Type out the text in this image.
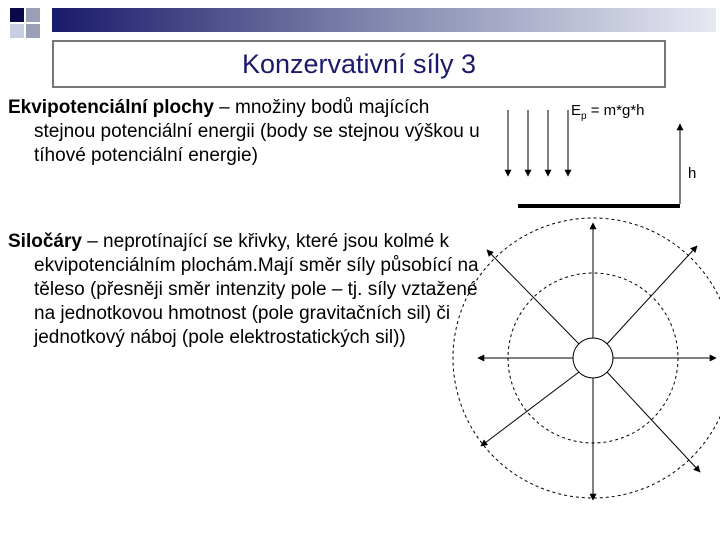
Konzervativní síly 3

Ekvipotenciální plochy – množiny bodů majících stejnou potenciální energii (body se stejnou výškou u tíhové potenciální energie)

Siločáry – neprotínající se křivky, které jsou kolmé k ekvipotenciálním plochám.Mají směr síly působící na těleso (přesněji směr intenzity pole – tj. síly vztažené na jednotkovou hmotnost (pole gravitačních sil) či jednotkový náboj (pole elektrostatických sil))

$E_p = m*g*h$
h
